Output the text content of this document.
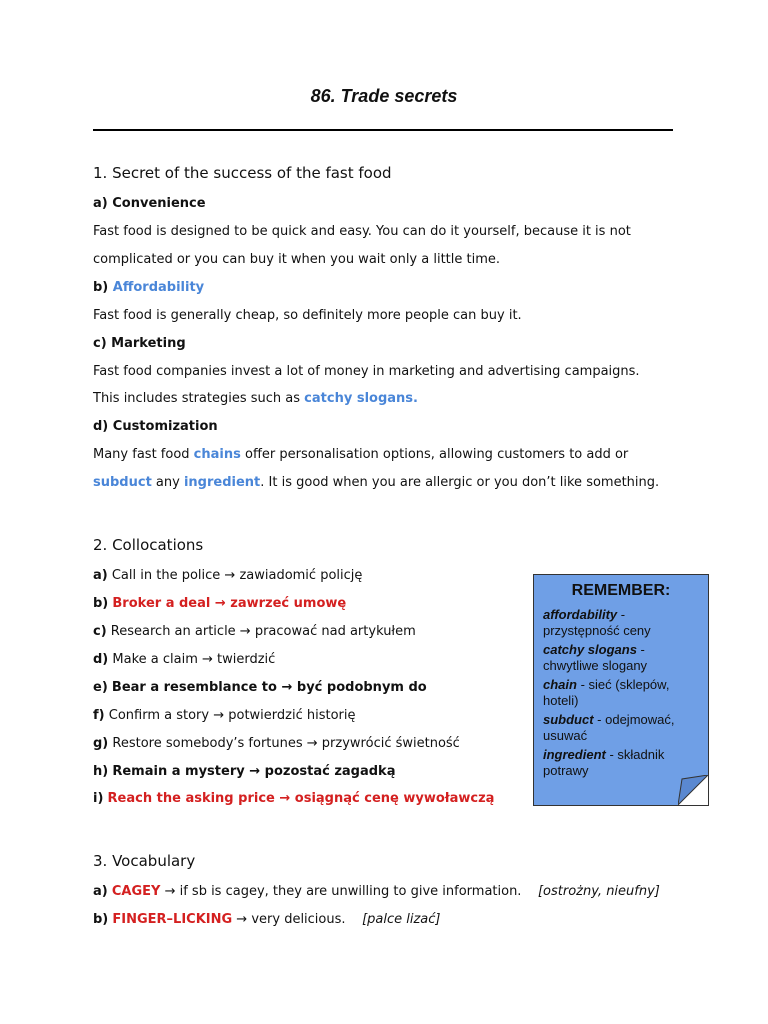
86. Trade secrets
1. Secret of the success of the fast food
a) Convenience
Fast food is designed to be quick and easy. You can do it yourself, because it is not
complicated or you can buy it when you wait only a little time.
b) Affordability
Fast food is generally cheap, so definitely more people can buy it.
c) Marketing
Fast food companies invest a lot of money in marketing and advertising campaigns.
This includes strategies such as catchy slogans.
d) Customization
Many fast food chains offer personalisation options, allowing customers to add or
subduct any ingredient. It is good when you are allergic or you don’t like something.
2. Collocations
a) Call in the police → zawiadomić policję
b) Broker a deal → zawrzeć umowę
c) Research an article → pracować nad artykułem
d) Make a claim → twierdzić
e) Bear a resemblance to → być podobnym do
f) Confirm a story → potwierdzić historię
g) Restore somebody’s fortunes → przywrócić świetność
h) Remain a mystery → pozostać zagadką
i) Reach the asking price → osiągnąć cenę wywoławczą
REMEMBER:
affordability -
przystępność ceny
catchy slogans -
chwytliwe slogany
chain - sieć (sklepów,
hoteli)
subduct - odejmować,
usuwać
ingredient - składnik
potrawy
3. Vocabulary
a) CAGEY → if sb is cagey, they are unwilling to give information. [ostrożny, nieufny]
b) FINGER–LICKING → very delicious. [palce lizać]
